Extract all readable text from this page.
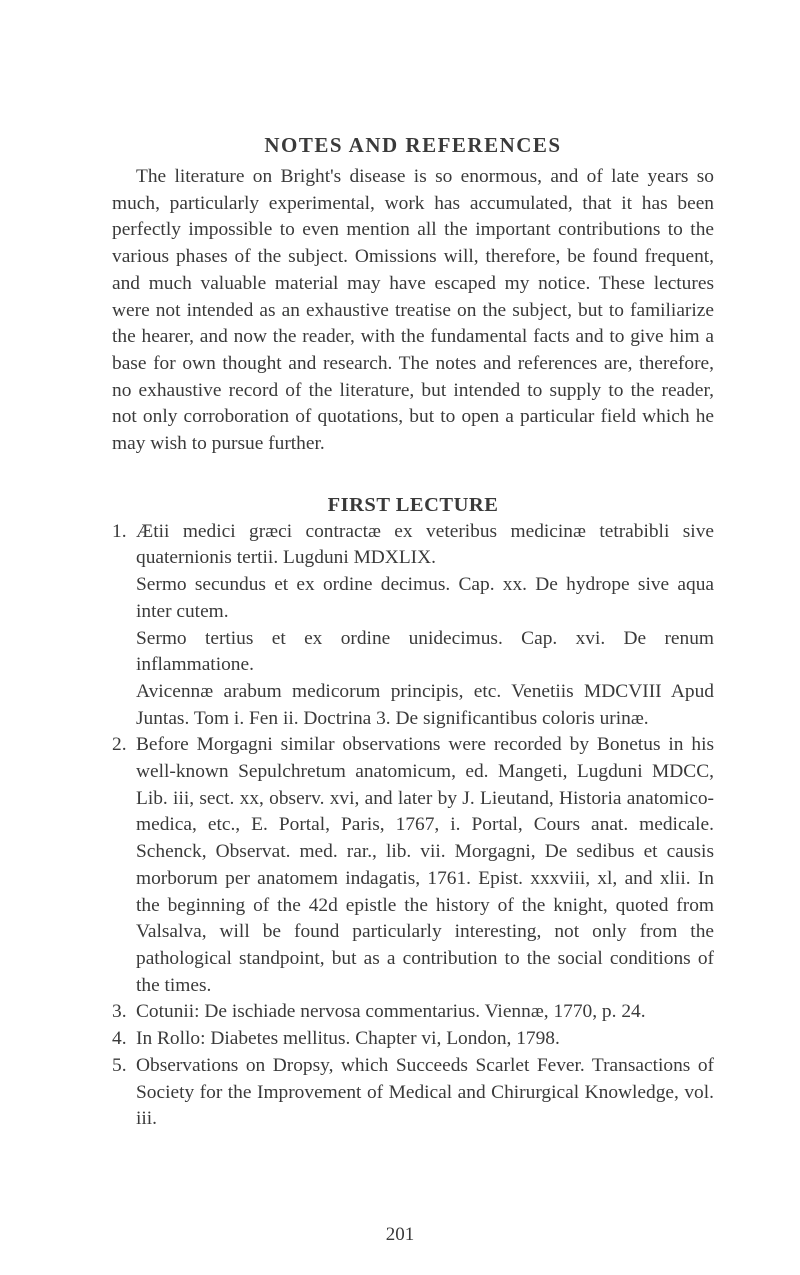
NOTES AND REFERENCES

The literature on Bright's disease is so enormous, and of late years so much, particularly experimental, work has accumulated, that it has been perfectly impossible to even mention all the important contributions to the various phases of the subject. Omissions will, therefore, be found frequent, and much valuable material may have escaped my notice. These lectures were not intended as an exhaustive treatise on the subject, but to familiarize the hearer, and now the reader, with the fundamental facts and to give him a base for own thought and research. The notes and references are, therefore, no exhaustive record of the literature, but intended to supply to the reader, not only corroboration of quotations, but to open a particular field which he may wish to pursue further.

FIRST LECTURE
1. Ætii medici græci contractæ ex veteribus medicinæ tetrabibli sive quaternionis tertii. Lugduni MDXLIX.

Sermo secundus et ex ordine decimus. Cap. xx. De hydrope sive aqua inter cutem.

Sermo tertius et ex ordine unidecimus. Cap. xvi. De renum inflammatione.

Avicennæ arabum medicorum principis, etc. Venetiis MDCVIII Apud Juntas. Tom i. Fen ii. Doctrina 3. De significantibus coloris urinæ.

2. Before Morgagni similar observations were recorded by Bonetus in his well-known Sepulchretum anatomicum, ed. Mangeti, Lugduni MDCC, Lib. iii, sect. xx, observ. xvi, and later by J. Lieutand, Historia anatomico-medica, etc., E. Portal, Paris, 1767, i. Portal, Cours anat. medicale. Schenck, Observat. med. rar., lib. vii. Morgagni, De sedibus et causis morborum per anatomem indagatis, 1761. Epist. xxxviii, xl, and xlii. In the beginning of the 42d epistle the history of the knight, quoted from Valsalva, will be found particularly interesting, not only from the pathological standpoint, but as a contribution to the social conditions of the times.

3. Cotunii: De ischiade nervosa commentarius. Viennæ, 1770, p. 24.

4. In Rollo: Diabetes mellitus. Chapter vi, London, 1798.

5. Observations on Dropsy, which Succeeds Scarlet Fever. Transactions of Society for the Improvement of Medical and Chirurgical Knowledge, vol. iii.

201
